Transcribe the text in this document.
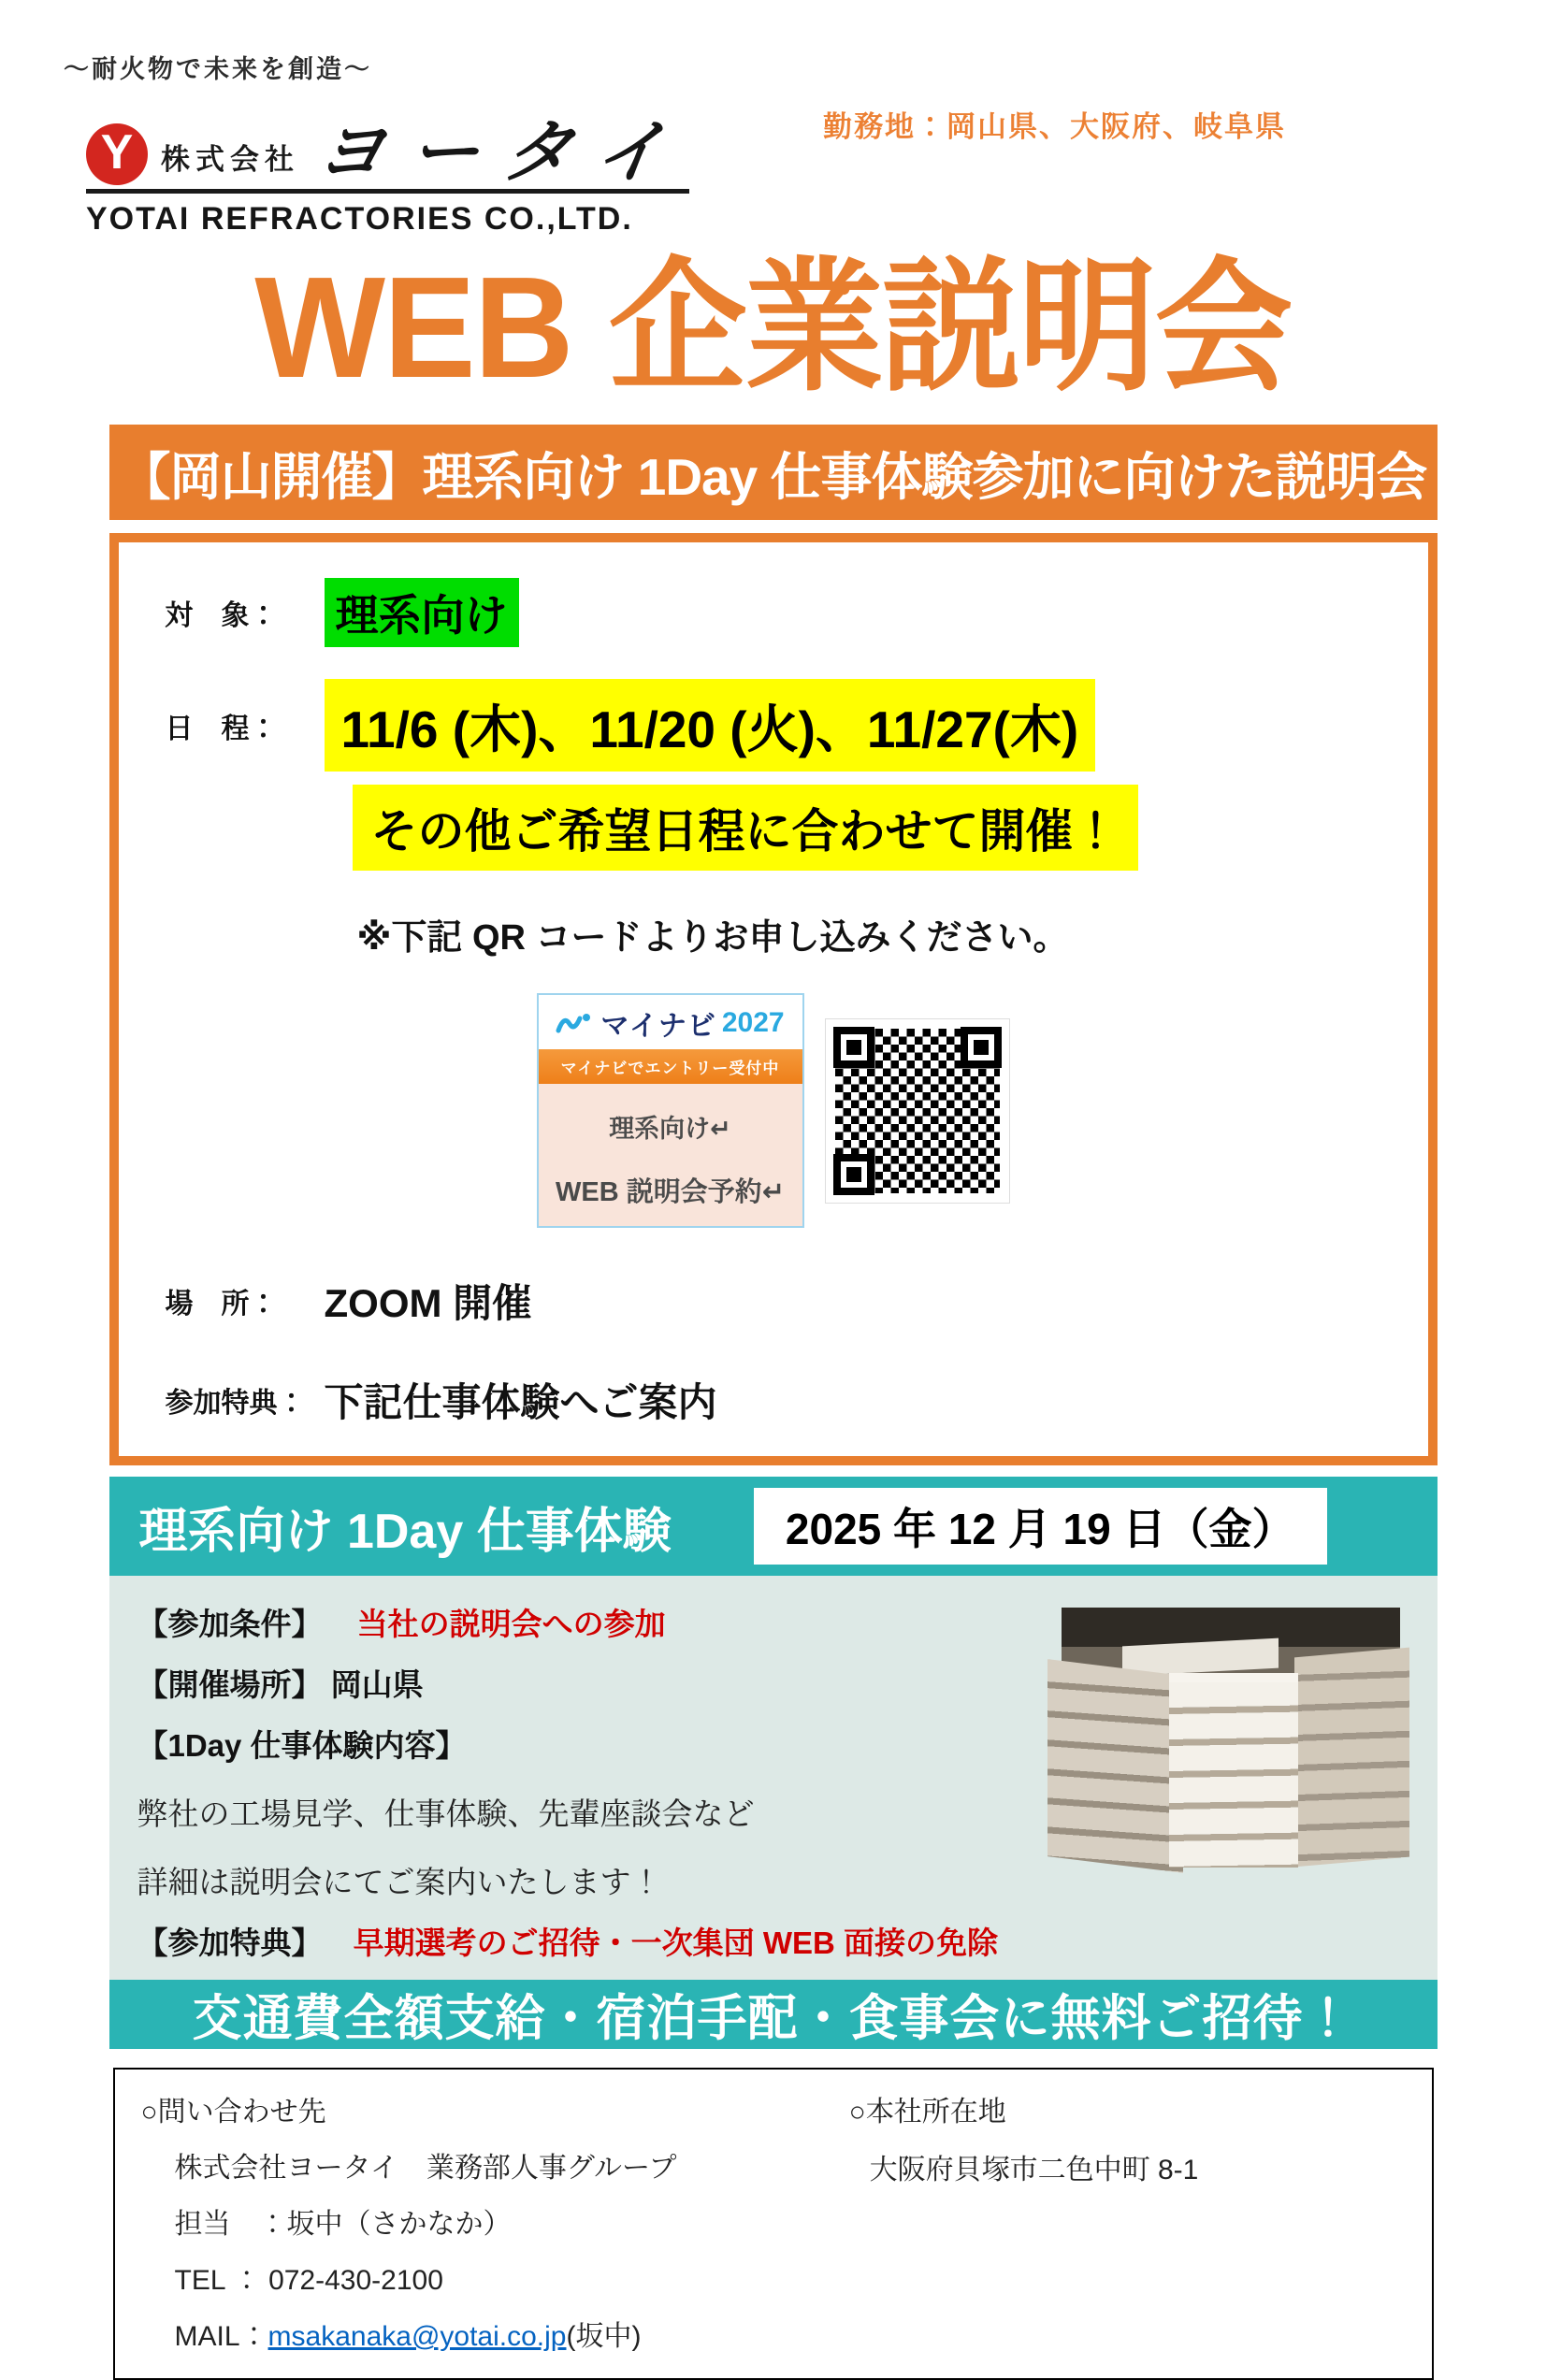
～耐火物で未来を創造～
Y 株式会社 ヨータイ
YOTAI REFRACTORIES CO.,LTD.
勤務地：岡山県、大阪府、岐阜県
WEB 企業説明会
【岡山開催】理系向け 1Day 仕事体験参加に向けた説明会
対　象：	理系向け
日　程：	11/6 (木)、11/20 (火)、11/27(木)
その他ご希望日程に合わせて開催！
※下記 QR コードよりお申し込みください。
マイナビ 2027
マイナビでエントリー受付中
理系向け↵
WEB 説明会予約↵
場　所：	ZOOM 開催
参加特典： 下記仕事体験へご案内
理系向け 1Day 仕事体験	2025 年 12 月 19 日（金）
【参加条件】 当社の説明会への参加
【開催場所】 岡山県
【1Day 仕事体験内容】
弊社の工場見学、仕事体験、先輩座談会など
詳細は説明会にてご案内いたします！
【参加特典】 早期選考のご招待・一次集団 WEB 面接の免除
交通費全額支給・宿泊手配・食事会に無料ご招待！
○問い合わせ先
株式会社ヨータイ　業務部人事グループ
担当　：坂中（さかなか）
TEL ： 072-430-2100
MAIL：msakanaka@yotai.co.jp(坂中)
○本社所在地
大阪府貝塚市二色中町 8-1
